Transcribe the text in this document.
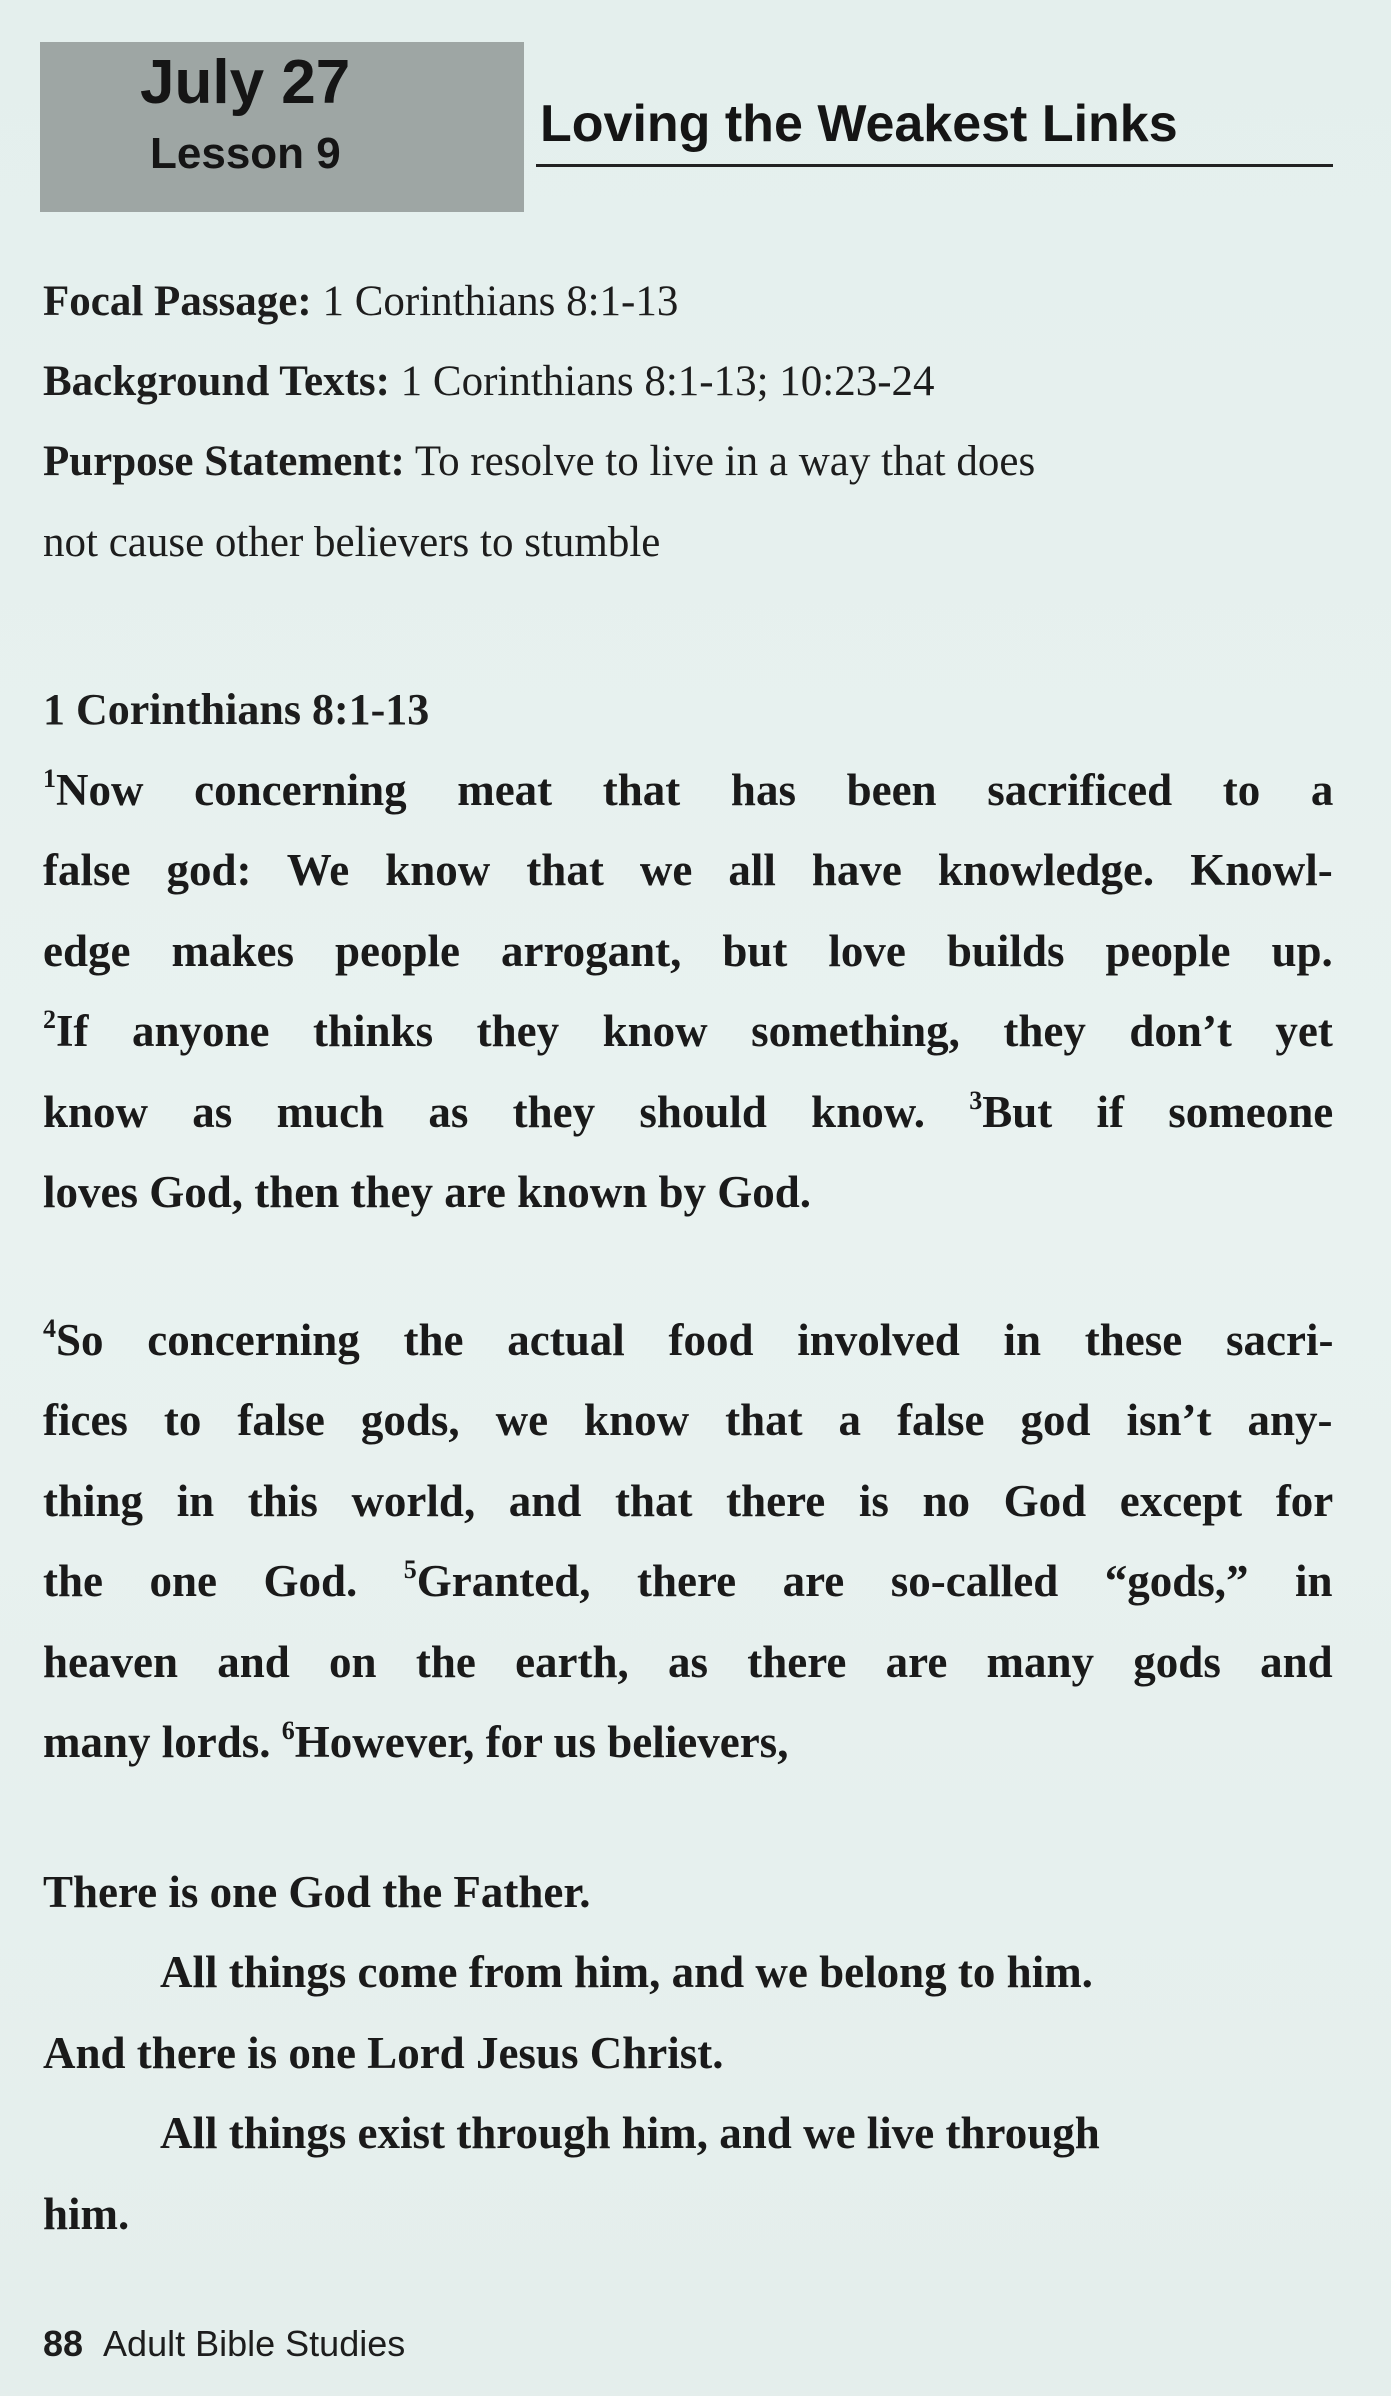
July 27
Lesson 9
Loving the Weakest Links
Focal Passage: 1 Corinthians 8:1-13
Background Texts: 1 Corinthians 8:1-13; 10:23-24
Purpose Statement: To resolve to live in a way that does
not cause other believers to stumble
1 Corinthians 8:1-13
$^1$Now concerning meat that has been sacrificed to a
false god: We know that we all have knowledge. Knowl-
edge makes people arrogant, but love builds people up.
$^2$If anyone thinks they know something, they don’t yet
know as much as they should know. $^3$But if someone
loves God, then they are known by God.
$^4$So concerning the actual food involved in these sacri-
fices to false gods, we know that a false god isn’t any-
thing in this world, and that there is no God except for
the one God. $^5$Granted, there are so-called “gods,” in
heaven and on the earth, as there are many gods and
many lords. $^6$However, for us believers,
There is one God the Father.
All things come from him, and we belong to him.
And there is one Lord Jesus Christ.
All things exist through him, and we live through
him.
88 Adult Bible Studies
